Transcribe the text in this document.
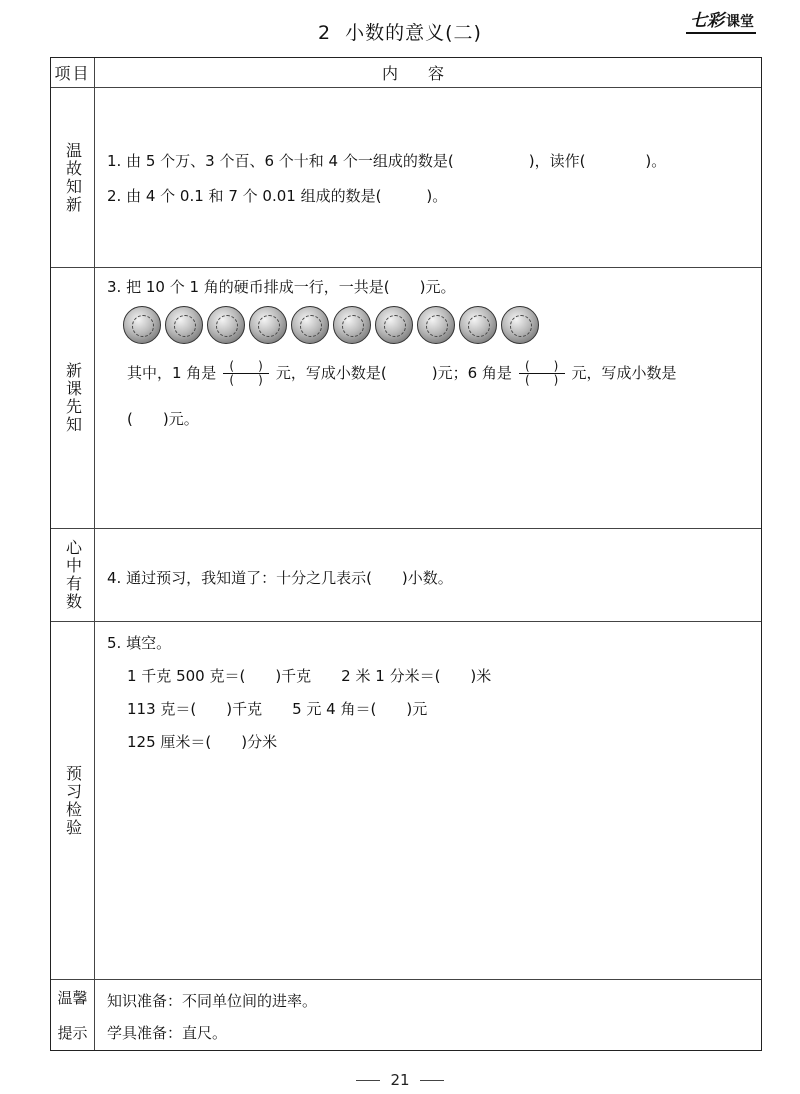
2 小数的意义(二)
七彩 课堂
项目	内容
温故知新 1. 由 5 个万、3 个百、6 个十和 4 个一组成的数是(　　　　　)，读作(　　　　)。
2. 由 4 个 0.1 和 7 个 0.01 组成的数是(　　　)。
新课先知
3. 把 10 个 1 角的硬币排成一行，一共是(　　)元。
其中，1 角是 $\frac{( )}{( )}$ 元，写成小数是(　　　)元；6 角是 $\frac{( )}{( )}$ 元，写成小数是
(　　)元。
心中有数 4. 通过预习，我知道了：十分之几表示(　　)小数。
预习检验
5. 填空。
1 千克 500 克＝(　　)千克　　2 米 1 分米＝(　　)米
113 克＝(　　)千克　　5 元 4 角＝(　　)元
125 厘米＝(　　)分米
温馨
提示
知识准备：不同单位间的进率。
学具准备：直尺。
21
